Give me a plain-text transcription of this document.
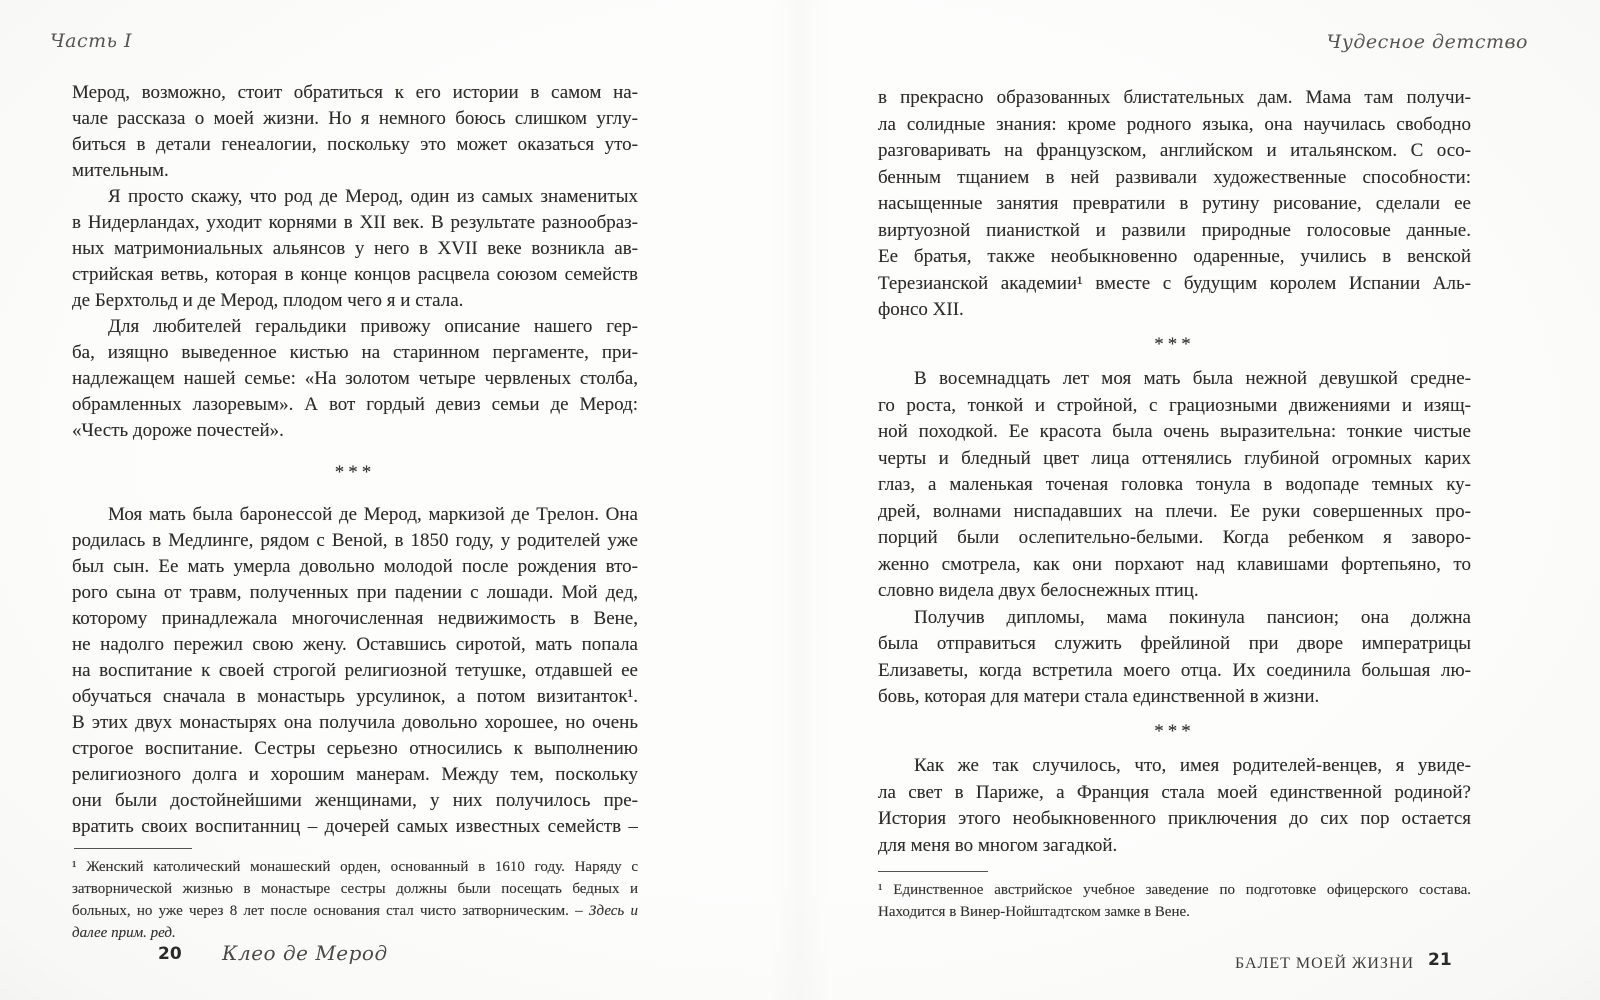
Часть I
Мерод, возможно, стоит обратиться к его истории в самом на-
чале рассказа о моей жизни. Но я немного боюсь слишком углу-
биться в детали генеалогии, поскольку это может оказаться уто-
мительным.
Я просто скажу, что род де Мерод, один из самых знаменитых
в Нидерландах, уходит корнями в XII век. В результате разнообраз-
ных матримониальных альянсов у него в XVII веке возникла ав-
стрийская ветвь, которая в конце концов расцвела союзом семейств
де Берхтольд и де Мерод, плодом чего я и стала.
Для любителей геральдики привожу описание нашего гер-
ба, изящно выведенное кистью на старинном пергаменте, при-
надлежащем нашей семье: «На золотом четыре червленых столба,
обрамленных лазоревым». А вот гордый девиз семьи де Мерод:
«Честь дороже почестей».
***
Моя мать была баронессой де Мерод, маркизой де Трелон. Она
родилась в Медлинге, рядом с Веной, в 1850 году, у родителей уже
был сын. Ее мать умерла довольно молодой после рождения вто-
рого сына от травм, полученных при падении с лошади. Мой дед,
которому принадлежала многочисленная недвижимость в Вене,
не надолго пережил свою жену. Оставшись сиротой, мать попала
на воспитание к своей строгой религиозной тетушке, отдавшей ее
обучаться сначала в монастырь урсулинок, а потом визитанток¹.
В этих двух монастырях она получила довольно хорошее, но очень
строгое воспитание. Сестры серьезно относились к выполнению
религиозного долга и хорошим манерам. Между тем, поскольку
они были достойнейшими женщинами, у них получилось пре-
вратить своих воспитанниц – дочерей самых известных семейств –
¹ Женский католический монашеский орден, основанный в 1610 году. Наряду с
затворнической жизнью в монастыре сестры должны были посещать бедных и
больных, но уже через 8 лет после основания стал чисто затворническим. – Здесь и
далее прим. ред.
20 Клео де Мерод
Чудесное детство
в прекрасно образованных блистательных дам. Мама там получи-
ла солидные знания: кроме родного языка, она научилась свободно
разговаривать на французском, английском и итальянском. С осо-
бенным тщанием в ней развивали художественные способности:
насыщенные занятия превратили в рутину рисование, сделали ее
виртуозной пианисткой и развили природные голосовые данные.
Ее братья, также необыкновенно одаренные, учились в венской
Терезианской академии¹ вместе с будущим королем Испании Аль-
фонсо XII.
***
В восемнадцать лет моя мать была нежной девушкой средне-
го роста, тонкой и стройной, с грациозными движениями и изящ-
ной походкой. Ее красота была очень выразительна: тонкие чистые
черты и бледный цвет лица оттенялись глубиной огромных карих
глаз, а маленькая точеная головка тонула в водопаде темных ку-
дрей, волнами ниспадавших на плечи. Ее руки совершенных про-
порций были ослепительно-белыми. Когда ребенком я заворо-
женно смотрела, как они порхают над клавишами фортепьяно, то
словно видела двух белоснежных птиц.
Получив дипломы, мама покинула пансион; она должна
была отправиться служить фрейлиной при дворе императрицы
Елизаветы, когда встретила моего отца. Их соединила большая лю-
бовь, которая для матери стала единственной в жизни.
***
Как же так случилось, что, имея родителей-венцев, я увиде-
ла свет в Париже, а Франция стала моей единственной родиной?
История этого необыкновенного приключения до сих пор остается
для меня во многом загадкой.
¹ Единственное австрийское учебное заведение по подготовке офицерского состава.
Находится в Винер-Нойштадтском замке в Вене.
БАЛЕТ МОЕЙ ЖИЗНИ 21
